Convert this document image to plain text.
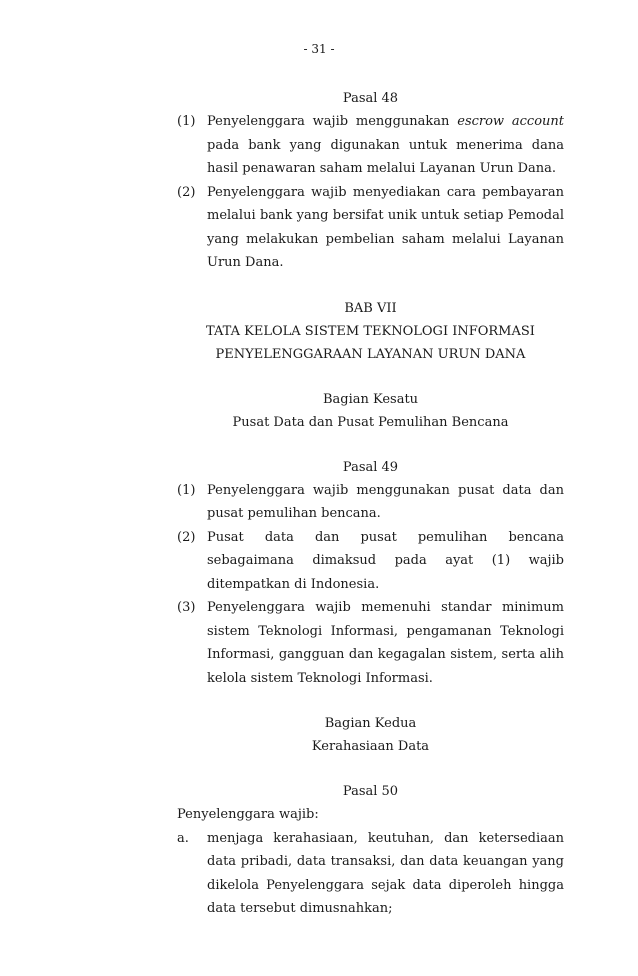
- 31 -
Pasal 48
(1) Penyelenggara wajib menggunakan escrow account pada bank yang digunakan untuk menerima dana hasil penawaran saham melalui Layanan Urun Dana.
(2) Penyelenggara wajib menyediakan cara pembayaran melalui bank yang bersifat unik untuk setiap Pemodal yang melakukan pembelian saham melalui Layanan Urun Dana.
BAB VII
TATA KELOLA SISTEM TEKNOLOGI INFORMASI
PENYELENGGARAAN LAYANAN URUN DANA
Bagian Kesatu
Pusat Data dan Pusat Pemulihan Bencana
Pasal 49
(1) Penyelenggara wajib menggunakan pusat data dan pusat pemulihan bencana.
(2) Pusat data dan pusat pemulihan bencana sebagaimana dimaksud pada ayat (1) wajib ditempatkan di Indonesia.
(3) Penyelenggara wajib memenuhi standar minimum sistem Teknologi Informasi, pengamanan Teknologi Informasi, gangguan dan kegagalan sistem, serta alih kelola sistem Teknologi Informasi.
Bagian Kedua
Kerahasiaan Data
Pasal 50
Penyelenggara wajib:
a.	menjaga kerahasiaan, keutuhan, dan ketersediaan data pribadi, data transaksi, dan data keuangan yang dikelola Penyelenggara sejak data diperoleh hingga data tersebut dimusnahkan;
